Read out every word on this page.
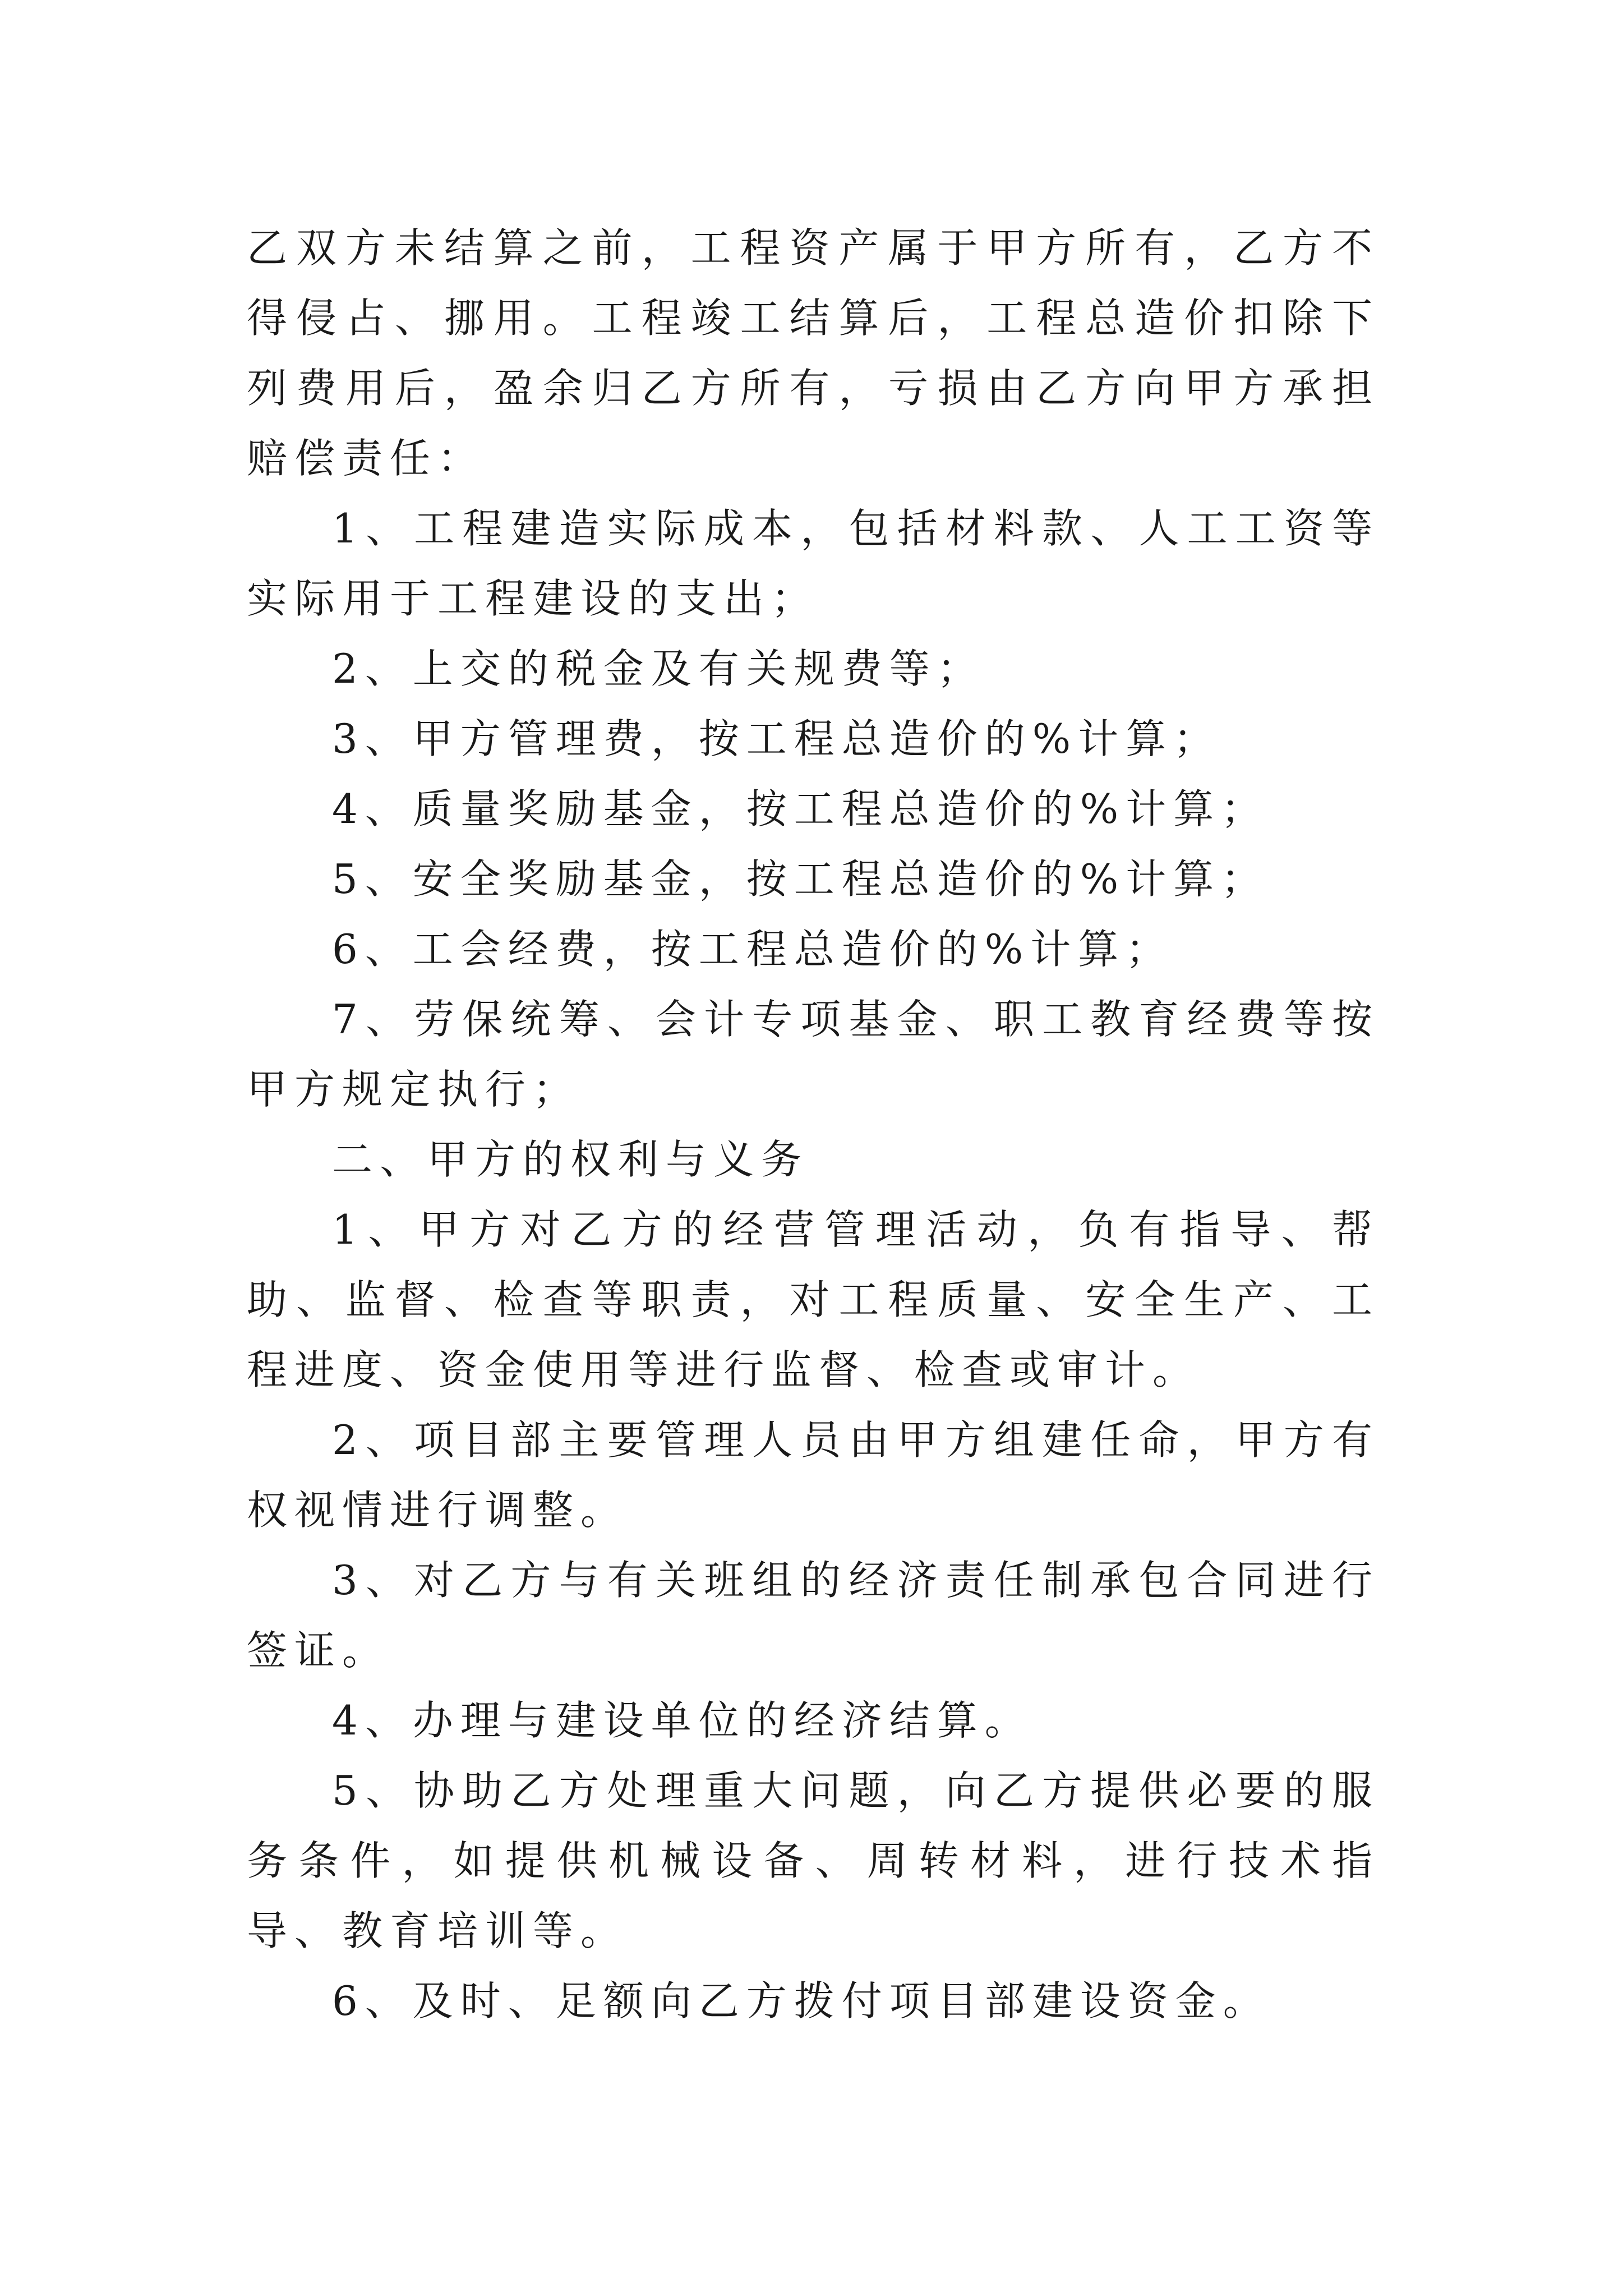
乙双方未结算之前，工程资产属于甲方所有，乙方不得侵占、挪用。工程竣工结算后，工程总造价扣除下列费用后，盈余归乙方所有，亏损由乙方向甲方承担赔偿责任：

1、工程建造实际成本，包括材料款、人工工资等实际用于工程建设的支出；

2、上交的税金及有关规费等；

3、甲方管理费，按工程总造价的%计算；

4、质量奖励基金，按工程总造价的%计算；

5、安全奖励基金，按工程总造价的%计算；

6、工会经费，按工程总造价的%计算；

7、劳保统筹、会计专项基金、职工教育经费等按甲方规定执行；

二、甲方的权利与义务

1、甲方对乙方的经营管理活动，负有指导、帮助、监督、检查等职责，对工程质量、安全生产、工程进度、资金使用等进行监督、检查或审计。

2、项目部主要管理人员由甲方组建任命，甲方有权视情进行调整。

3、对乙方与有关班组的经济责任制承包合同进行签证。

4、办理与建设单位的经济结算。

5、协助乙方处理重大问题，向乙方提供必要的服务条件，如提供机械设备、周转材料，进行技术指导、教育培训等。

6、及时、足额向乙方拨付项目部建设资金。
